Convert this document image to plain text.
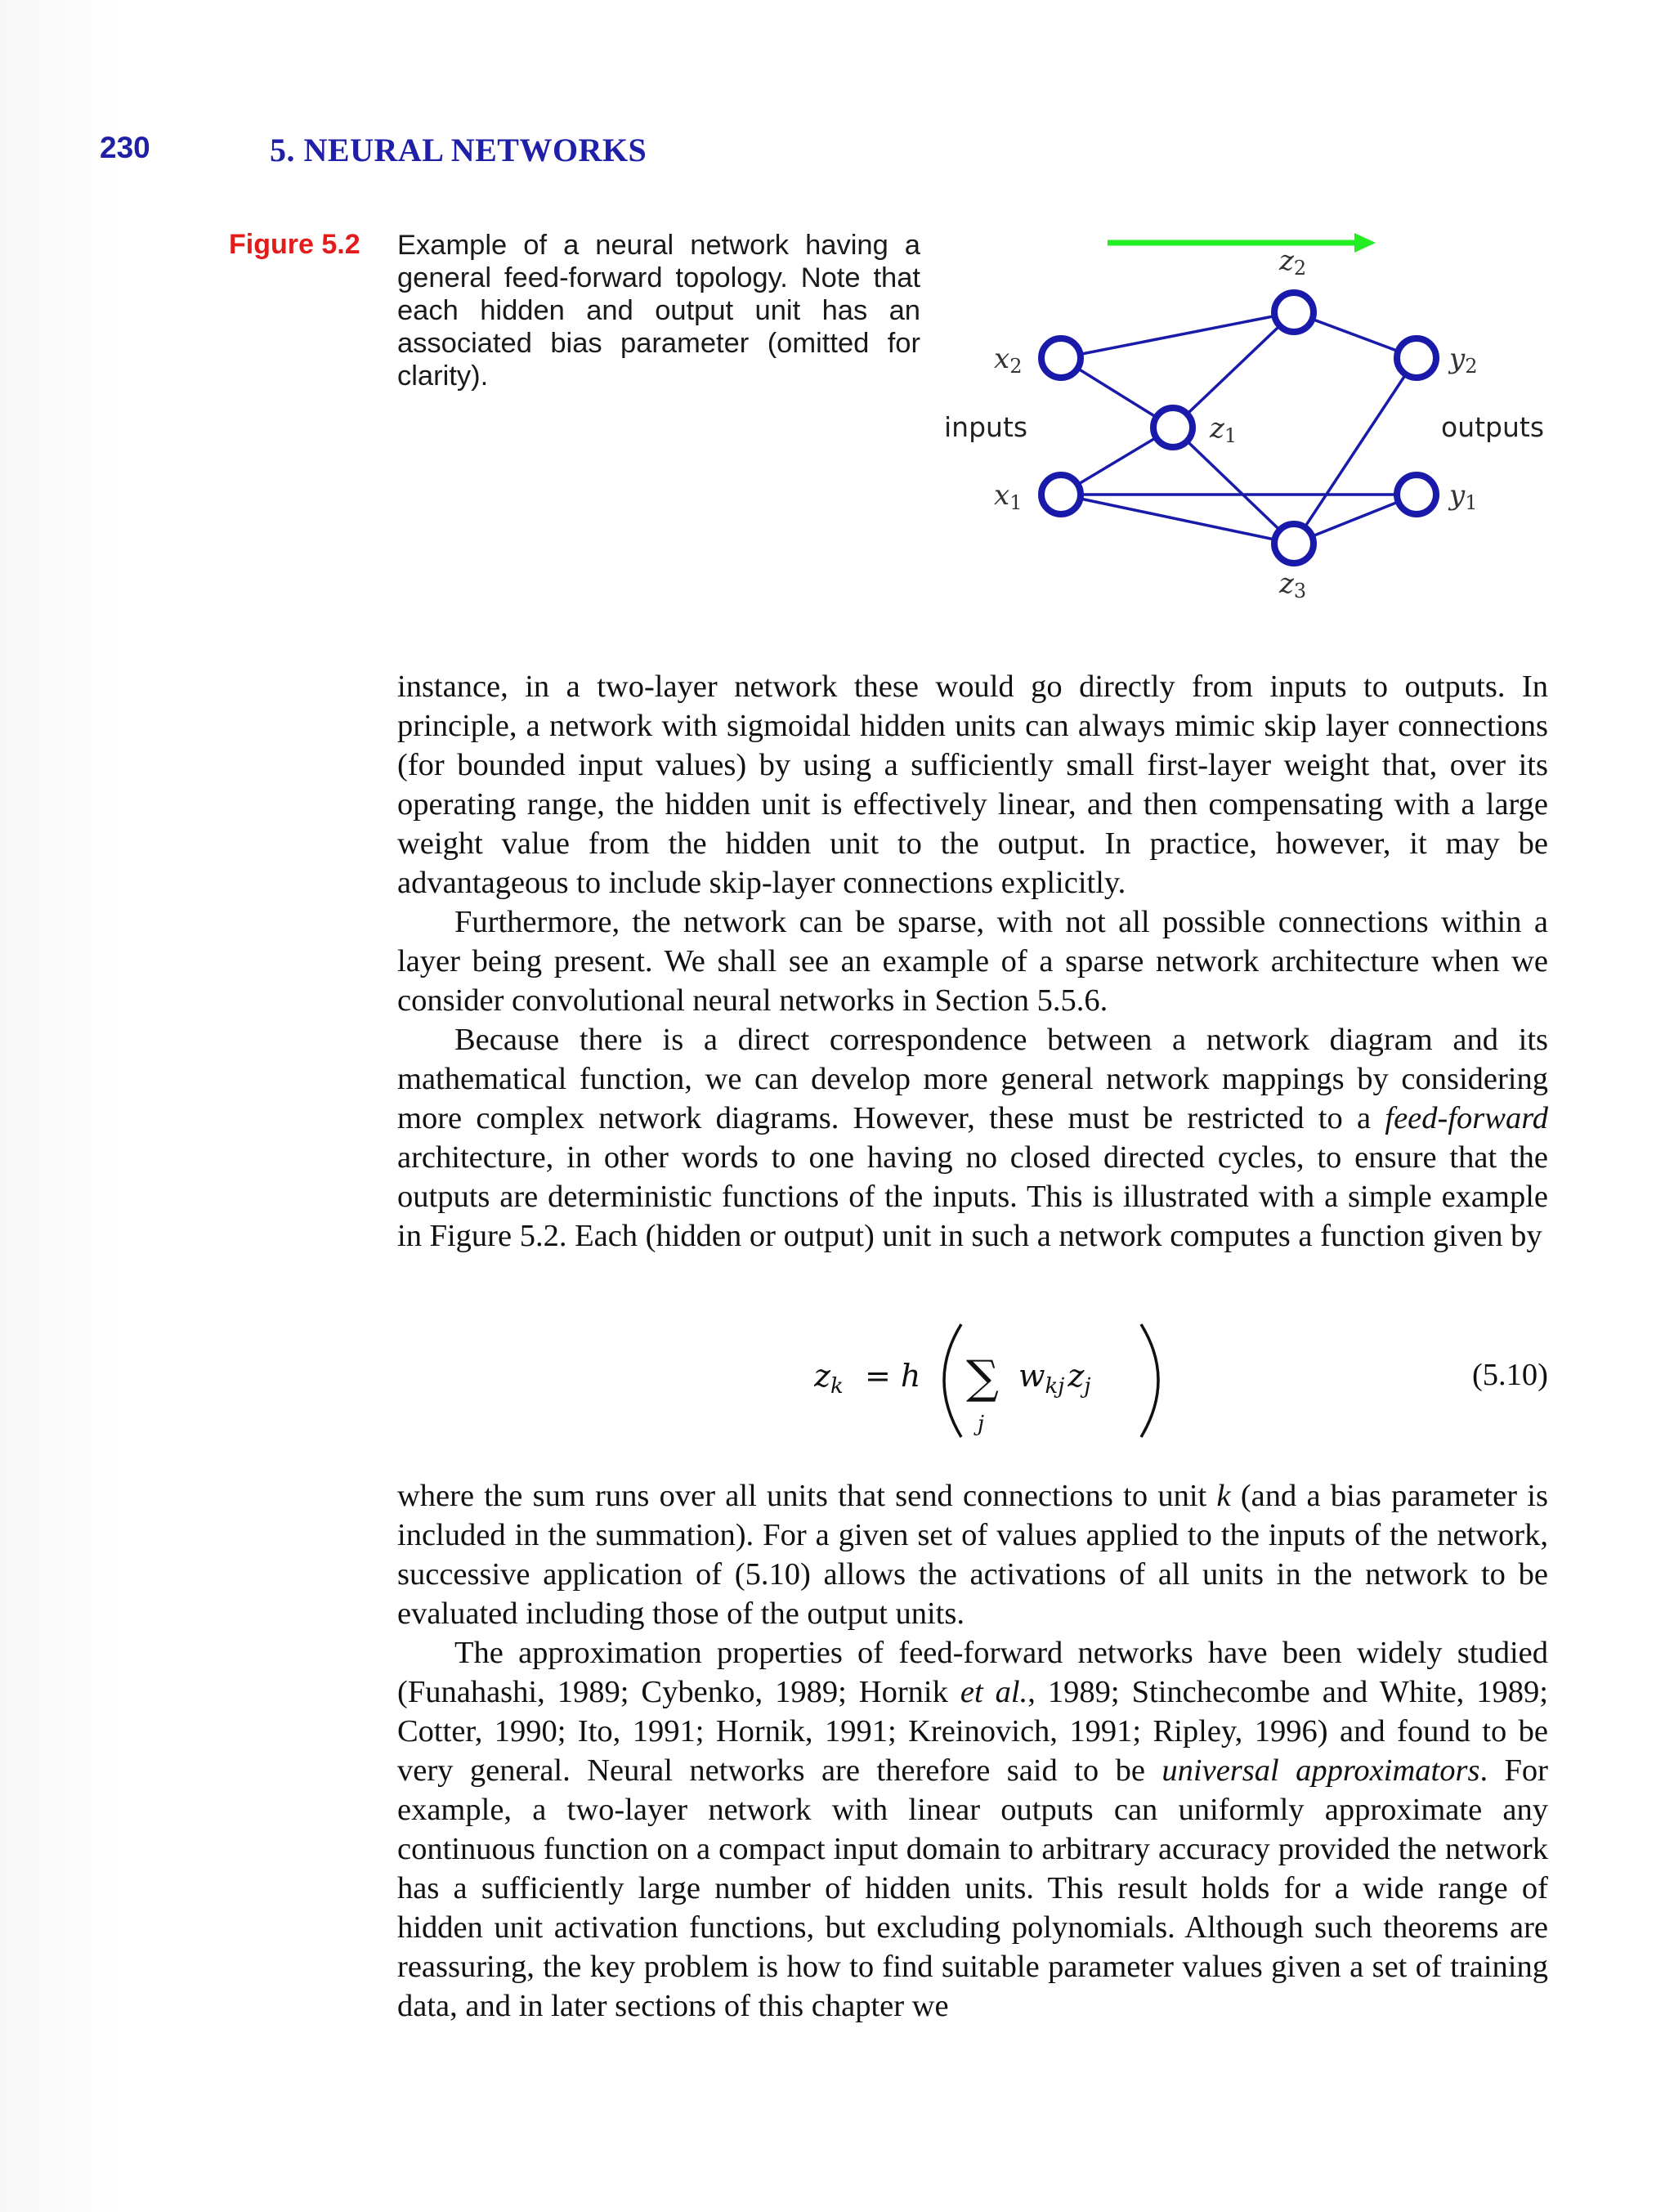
230	5. NEURAL NETWORKS
Figure 5.2 Example of a neural network having a general feed-forward topology. Note that each hidden and output unit has an associated bias parameter (omitted for clarity).
x2
x1
z1
z2
z3
y2
y1
inputs	outputs

instance, in a two-layer network these would go directly from inputs to outputs. In principle, a network with sigmoidal hidden units can always mimic skip layer connections (for bounded input values) by using a sufficiently small first-layer weight that, over its operating range, the hidden unit is effectively linear, and then compensating with a large weight value from the hidden unit to the output. In practice, however, it may be advantageous to include skip-layer connections explicitly.

Furthermore, the network can be sparse, with not all possible connections within a layer being present. We shall see an example of a sparse network architecture when we consider convolutional neural networks in Section 5.5.6.

Because there is a direct correspondence between a network diagram and its mathematical function, we can develop more general network mappings by considering more complex network diagrams. However, these must be restricted to a feed-forward architecture, in other words to one having no closed directed cycles, to ensure that the outputs are deterministic functions of the inputs. This is illustrated with a simple example in Figure 5.2. Each (hidden or output) unit in such a network computes a function given by

$z_k = h$ ∑
j
$w_{kj}$ $z_j$	(5.10)

where the sum runs over all units that send connections to unit k (and a bias parameter is included in the summation). For a given set of values applied to the inputs of the network, successive application of (5.10) allows the activations of all units in the network to be evaluated including those of the output units.

The approximation properties of feed-forward networks have been widely studied (Funahashi, 1989; Cybenko, 1989; Hornik et al., 1989; Stinchecombe and White, 1989; Cotter, 1990; Ito, 1991; Hornik, 1991; Kreinovich, 1991; Ripley, 1996) and found to be very general. Neural networks are therefore said to be universal approximators. For example, a two-layer network with linear outputs can uniformly approximate any continuous function on a compact input domain to arbitrary accuracy provided the network has a sufficiently large number of hidden units. This result holds for a wide range of hidden unit activation functions, but excluding polynomials. Although such theorems are reassuring, the key problem is how to find suitable parameter values given a set of training data, and in later sections of this chapter we
